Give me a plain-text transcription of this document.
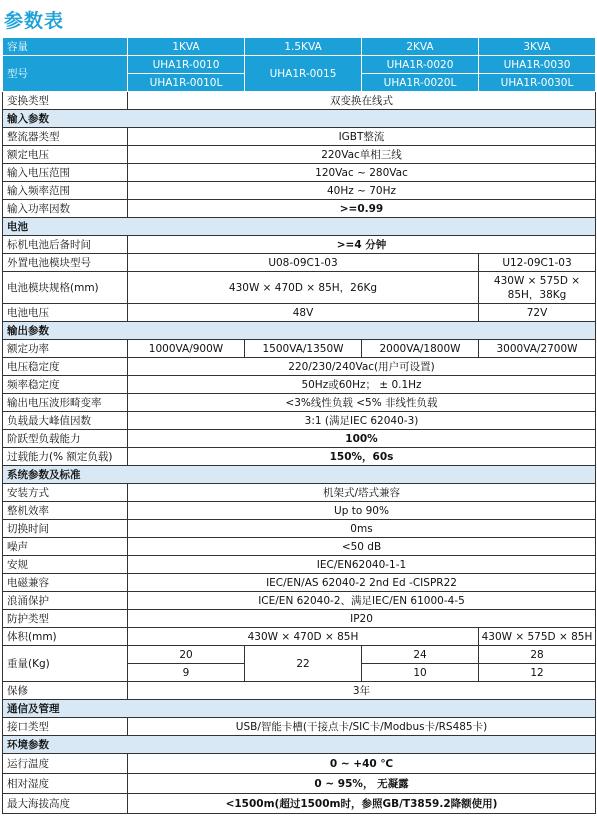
参数表
容量	1KVA	1.5KVA	2KVA	3KVA
型号	UHA1R-0010	UHA1R-0015	UHA1R-0020	UHA1R-0030
	UHA1R-0010L		UHA1R-0020L	UHA1R-0030L
变换类型	双变换在线式			
输入参数				
整流器类型	IGBT整流			
额定电压	220Vac单相三线			
输入电压范围	120Vac ~ 280Vac			
输入频率范围	40Hz ~ 70Hz			
输入功率因数	>=0.99			
电池				
标机电池后备时间	>=4 分钟			
外置电池模块型号	U08-09C1-03			U12-09C1-03
电池模块规格(mm)	430W × 470D × 85H，26Kg			430W × 575D ×
85H，38Kg

电池电压	48V			72V
输出参数				
额定功率	1000VA/900W	1500VA/1350W	2000VA/1800W	3000VA/2700W
电压稳定度	220/230/240Vac(用户可设置)			
频率稳定度	50Hz或60Hz； ± 0.1Hz			
输出电压波形畸变率	<3%线性负载 <5% 非线性负载			
负载最大峰值因数	3:1 (满足IEC 62040-3)			
阶跃型负载能力	100%			
过载能力(% 额定负载)	150%，60s			
系统参数及标准				
安装方式	机架式/塔式兼容			
整机效率	Up to 90%			
切换时间	0ms			
噪声	<50 dB			
安规	IEC/EN62040-1-1			
电磁兼容	IEC/EN/AS 62040-2 2nd Ed -CISPR22			
浪涌保护	ICE/EN 62040-2、满足IEC/EN 61000-4-5			
防护类型	IP20			
体积(mm)	430W × 470D × 85H			430W × 575D × 85H
重量(Kg)	20	22	24	28
	9		10	12
保修	3年			
通信及管理				
接口类型	USB/智能卡槽(干接点卡/SIC卡/Modbus卡/RS485卡)			
环境参数				
运行温度	0 ~ +40 ℃			
相对湿度	0 ~ 95%， 无凝露			
最大海拔高度	<1500m(超过1500m时，参照GB/T3859.2降额使用)			
